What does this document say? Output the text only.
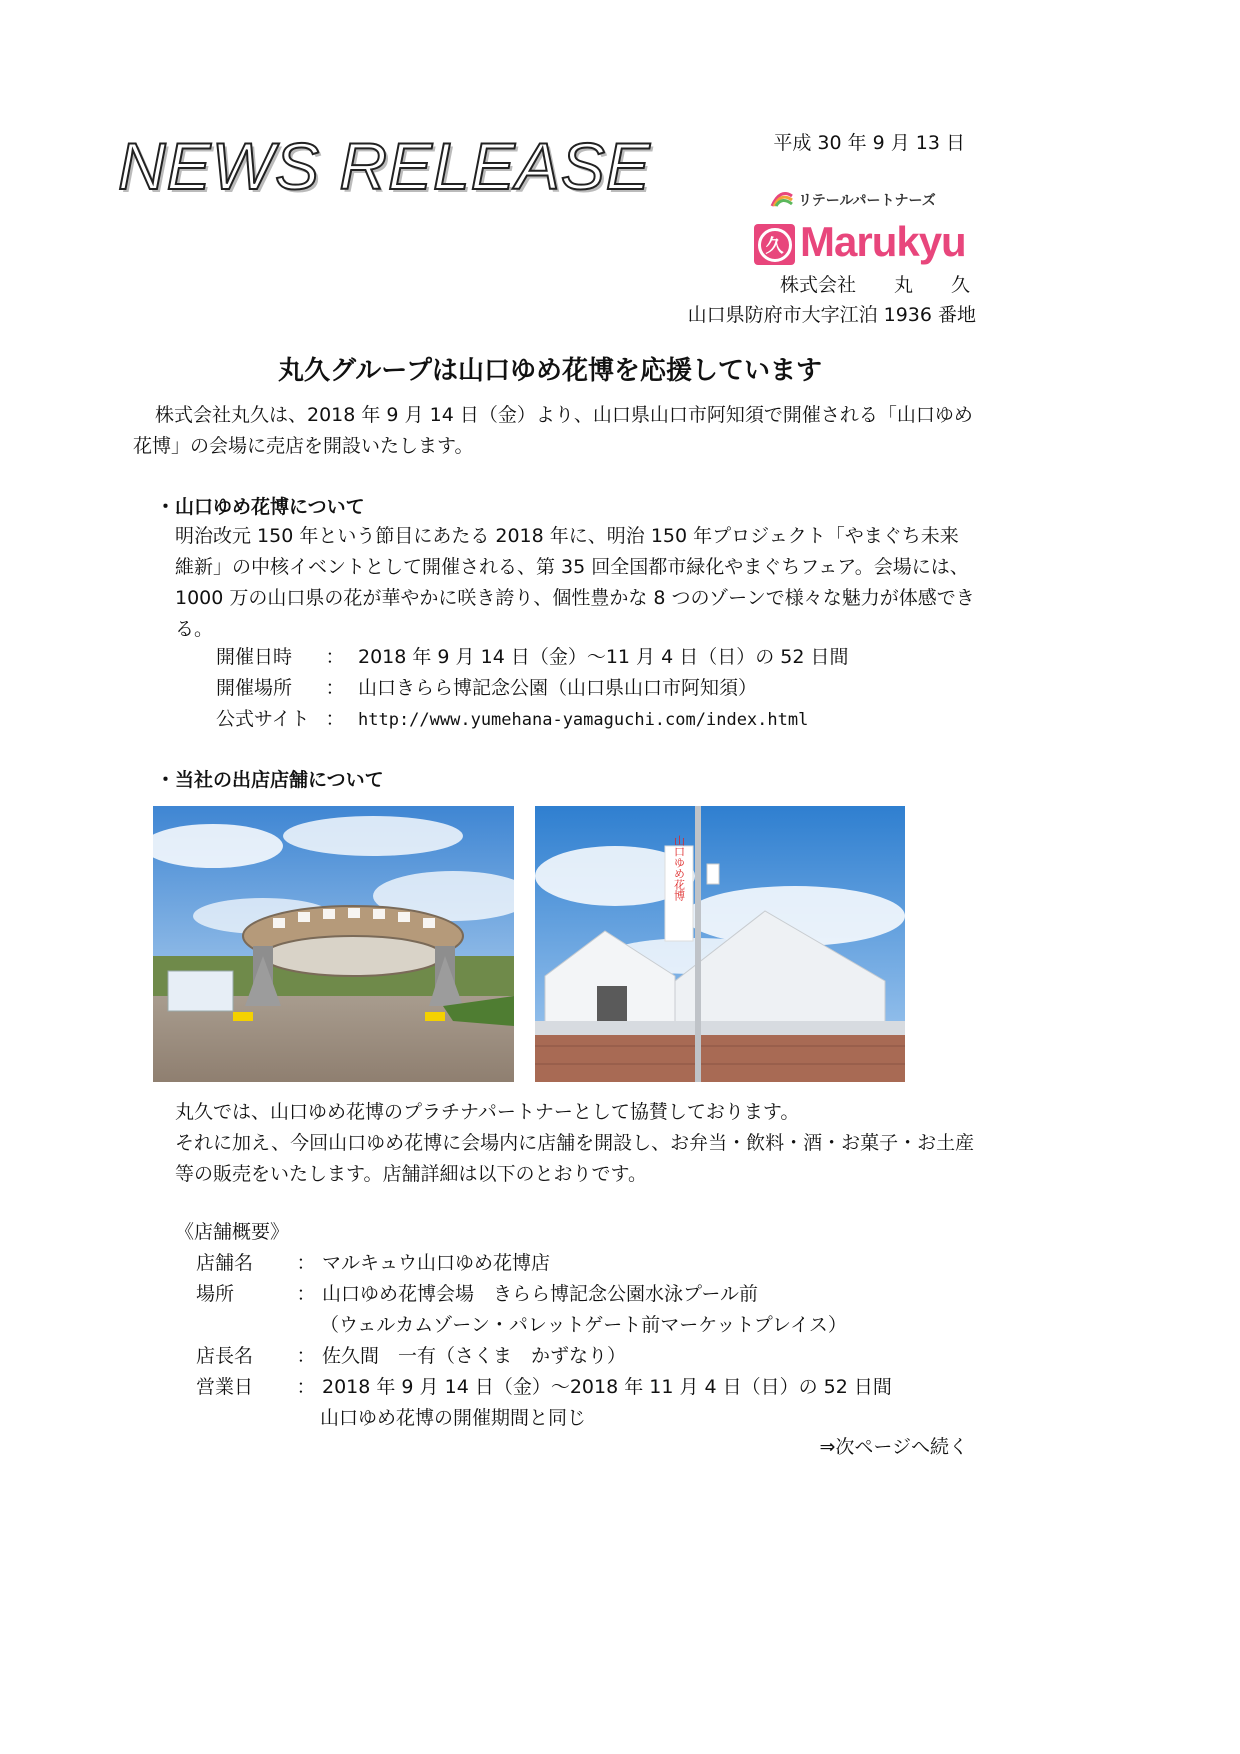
NEWS RELEASE	平成 30 年 9 月 13 日
リテールパートナーズ
久 Marukyu
株式会社　　丸　　久
山口県防府市大字江泊 1936 番地
丸久グループは山口ゆめ花博を応援しています
株式会社丸久は、2018 年 9 月 14 日（金）より、山口県山口市阿知須で開催される「山口ゆめ花博」の会場に売店を開設いたします。
・山口ゆめ花博について
明治改元 150 年という節目にあたる 2018 年に、明治 150 年プロジェクト「やまぐち未来維新」の中核イベントとして開催される、第 35 回全国都市緑化やまぐちフェア。会場には、1000 万の山口県の花が華やかに咲き誇り、個性豊かな 8 つのゾーンで様々な魅力が体感できる。
開催日時 ： 2018 年 9 月 14 日（金）～11 月 4 日（日）の 52 日間
開催場所 ： 山口きらら博記念公園（山口県山口市阿知須）
公式サイト ： http://www.yumehana-yamaguchi.com/index.html
・当社の出店店舗について
山口ゆめ花博
丸久では、山口ゆめ花博のプラチナパートナーとして協賛しております。
それに加え、今回山口ゆめ花博に会場内に店舗を開設し、お弁当・飲料・酒・お菓子・お土産等の販売をいたします。店舗詳細は以下のとおりです。
《店舗概要》
店舗名 ： マルキュウ山口ゆめ花博店
場所	： 山口ゆめ花博会場　きらら博記念公園水泳プール前
（ウェルカムゾーン・パレットゲート前マーケットプレイス）
店長名 ： 佐久間　一有（さくま　かずなり）
営業日 ： 2018 年 9 月 14 日（金）～2018 年 11 月 4 日（日）の 52 日間
山口ゆめ花博の開催期間と同じ
⇒次ページへ続く
